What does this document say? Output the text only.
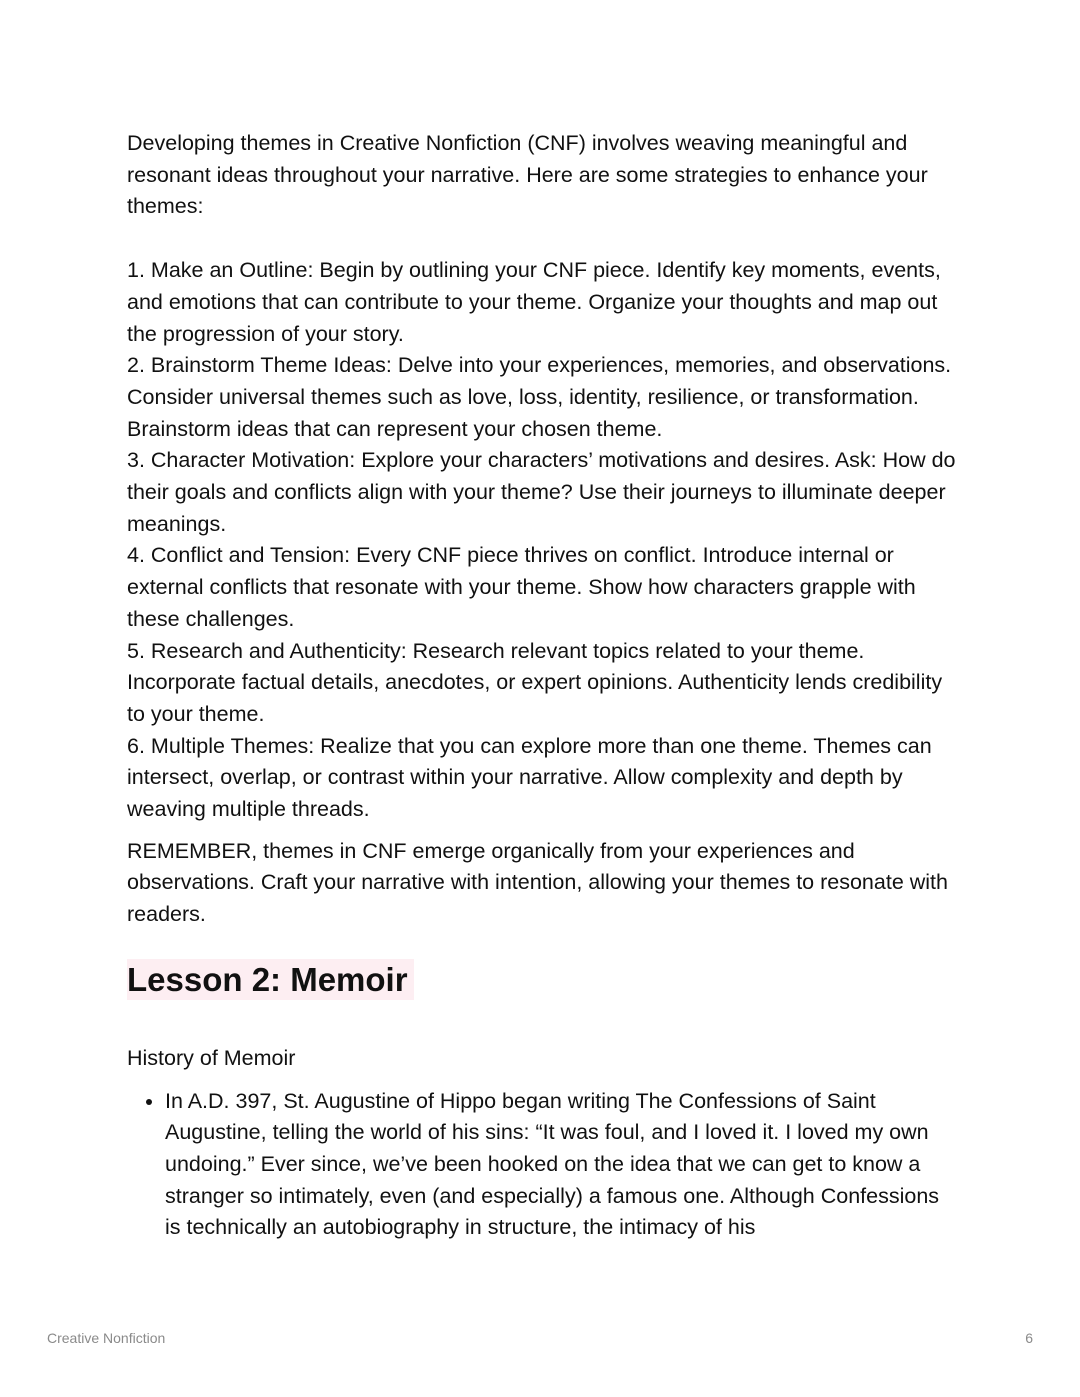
Developing themes in Creative Nonfiction (CNF) involves weaving meaningful and resonant ideas throughout your narrative. Here are some strategies to enhance your themes:

1. Make an Outline: Begin by outlining your CNF piece. Identify key moments, events, and emotions that can contribute to your theme. Organize your thoughts and map out the progression of your story.

2. Brainstorm Theme Ideas: Delve into your experiences, memories, and observations. Consider universal themes such as love, loss, identity, resilience, or transformation. Brainstorm ideas that can represent your chosen theme.

3. Character Motivation: Explore your characters’ motivations and desires. Ask: How do their goals and conflicts align with your theme? Use their journeys to illuminate deeper meanings.

4. Conflict and Tension: Every CNF piece thrives on conflict. Introduce internal or external conflicts that resonate with your theme. Show how characters grapple with these challenges.

5. Research and Authenticity: Research relevant topics related to your theme. Incorporate factual details, anecdotes, or expert opinions. Authenticity lends credibility to your theme.

6. Multiple Themes: Realize that you can explore more than one theme. Themes can intersect, overlap, or contrast within your narrative. Allow complexity and depth by weaving multiple threads.

REMEMBER, themes in CNF emerge organically from your experiences and observations. Craft your narrative with intention, allowing your themes to resonate with readers.

Lesson 2: Memoir

History of Memoir

• In A.D. 397, St. Augustine of Hippo began writing The Confessions of Saint Augustine, telling the world of his sins: “It was foul, and I loved it. I loved my own undoing.” Ever since, we’ve been hooked on the idea that we can get to know a stranger so intimately, even (and especially) a famous one. Although Confessions is technically an autobiography in structure, the intimacy of his
Creative Nonfiction	6
